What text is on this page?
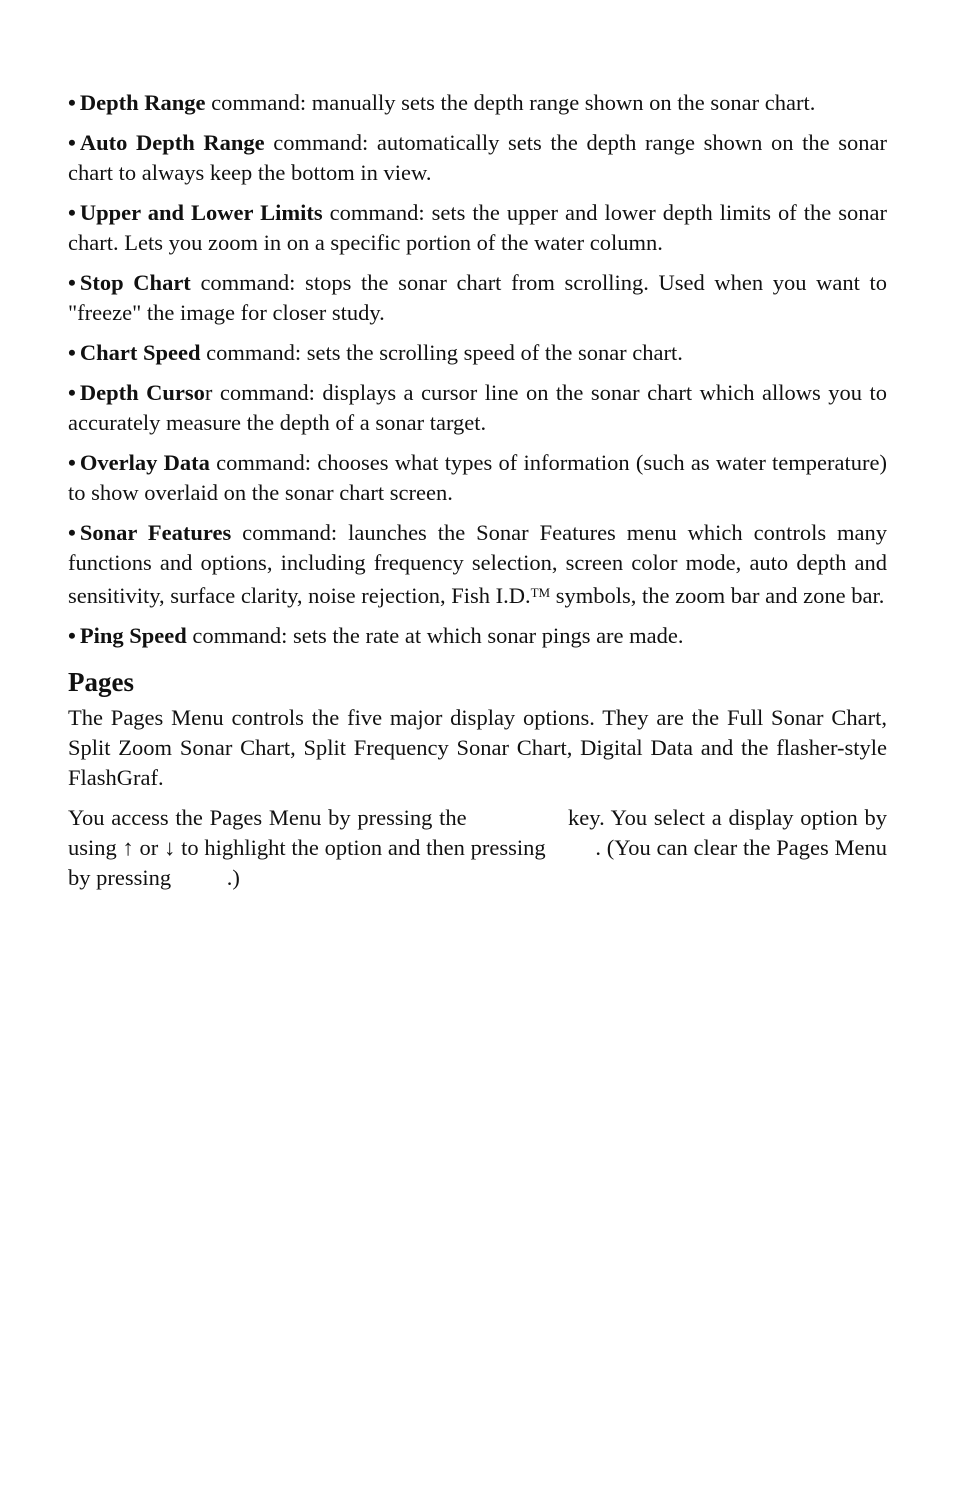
• Depth Range command: manually sets the depth range shown on the sonar chart.
• Auto Depth Range command: automatically sets the depth range shown on the sonar chart to always keep the bottom in view.
• Upper and Lower Limits command: sets the upper and lower depth limits of the sonar chart. Lets you zoom in on a specific portion of the water column.
• Stop Chart command: stops the sonar chart from scrolling. Used when you want to "freeze" the image for closer study.
• Chart Speed command: sets the scrolling speed of the sonar chart.
• Depth Cursor command: displays a cursor line on the sonar chart which allows you to accurately measure the depth of a sonar target.
• Overlay Data command: chooses what types of information (such as water temperature) to show overlaid on the sonar chart screen.
• Sonar Features command: launches the Sonar Features menu which controls many functions and options, including frequency selection, screen color mode, auto depth and sensitivity, surface clarity, noise rejection, Fish I.D.™ symbols, the zoom bar and zone bar.
• Ping Speed command: sets the rate at which sonar pings are made.
Pages

The Pages Menu controls the five major display options. They are the Full Sonar Chart, Split Zoom Sonar Chart, Split Frequency Sonar Chart, Digital Data and the flasher-style FlashGraf.

You access the Pages Menu by pressing the	key. You select a display option by using ↑ or ↓ to highlight the option and then pressing . (You can clear the Pages Menu by pressing .)
